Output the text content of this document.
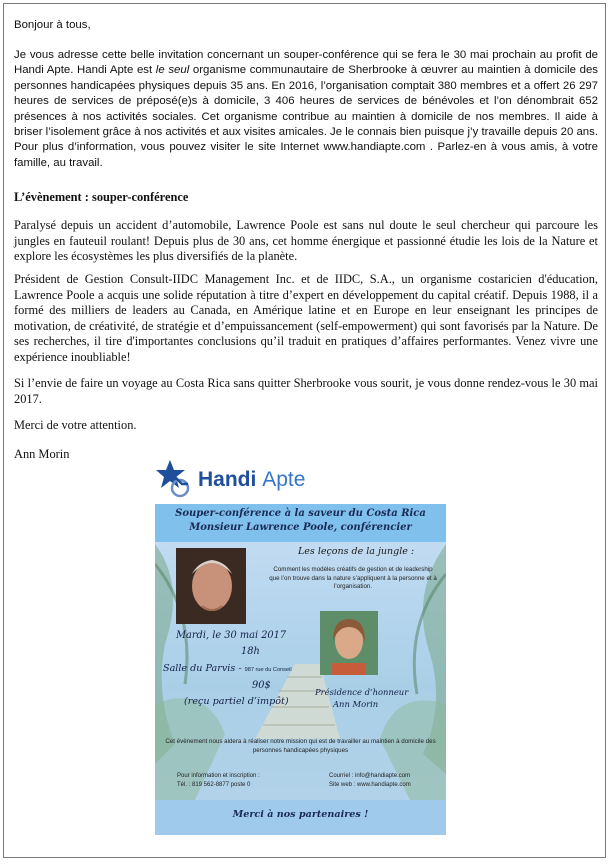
Bonjour à tous,

Je vous adresse cette belle invitation concernant un souper-conférence qui se fera le 30 mai prochain au profit de Handi Apte. Handi Apte est le seul organisme communautaire de Sherbrooke à œuvrer au maintien à domicile des personnes handicapées physiques depuis 35 ans. En 2016, l’organisation comptait 380 membres et a offert 26 297 heures de services de préposé(e)s à domicile, 3 406 heures de services de bénévoles et l’on dénombrait 652 présences à nos activités sociales. Cet organisme contribue au maintien à domicile de nos membres. Il aide à briser l’isolement grâce à nos activités et aux visites amicales. Je le connais bien puisque j’y travaille depuis 20 ans. Pour plus d’information, vous pouvez visiter le site Internet www.handiapte.com . Parlez-en à vous amis, à votre famille, au travail.

L’évènement : souper-conférence

Paralysé depuis un accident d’automobile, Lawrence Poole est sans nul doute le seul chercheur qui parcoure les jungles en fauteuil roulant! Depuis plus de 30 ans, cet homme énergique et passionné étudie les lois de la Nature et explore les écosystèmes les plus diversifiés de la planète.

Président de Gestion Consult-IIDC Management Inc. et de IIDC, S.A., un organisme costaricien d'éducation, Lawrence Poole a acquis une solide réputation à titre d’expert en développement du capital créatif. Depuis 1988, il a formé des milliers de leaders au Canada, en Amérique latine et en Europe en leur enseignant les principes de motivation, de créativité, de stratégie et d’empuissancement (self-empowerment) qui sont favorisés par la Nature. De ses recherches, il tire d'importantes conclusions qu’il traduit en pratiques d’affaires performantes. Venez vivre une expérience inoubliable!

Si l’envie de faire un voyage au Costa Rica sans quitter Sherbrooke vous sourit, je vous donne rendez-vous le 30 mai 2017.

Merci de votre attention.

Ann Morin

Handi Apte
Souper-conférence à la saveur du Costa Rica
Monsieur Lawrence Poole, conférencier
Les leçons de la jungle :
Comment les modèles créatifs de gestion et de leadership que l’on trouve dans la nature s’appliquent à la personne et à l’organisation.
Mardi, le 30 mai 2017
18h
Salle du Parvis - 987 rue du Conseil
90$
(reçu partiel d’impôt)
Présidence d’honneur
Ann Morin
Cet évènement nous aidera à réaliser notre mission qui est de travailler au maintien à domicile des personnes handicapées physiques
Pour information et inscription :
Tél. : 819 562-8877 poste 0
Courriel : info@handiapte.com
Site web : www.handiapte.com
Merci à nos partenaires !
